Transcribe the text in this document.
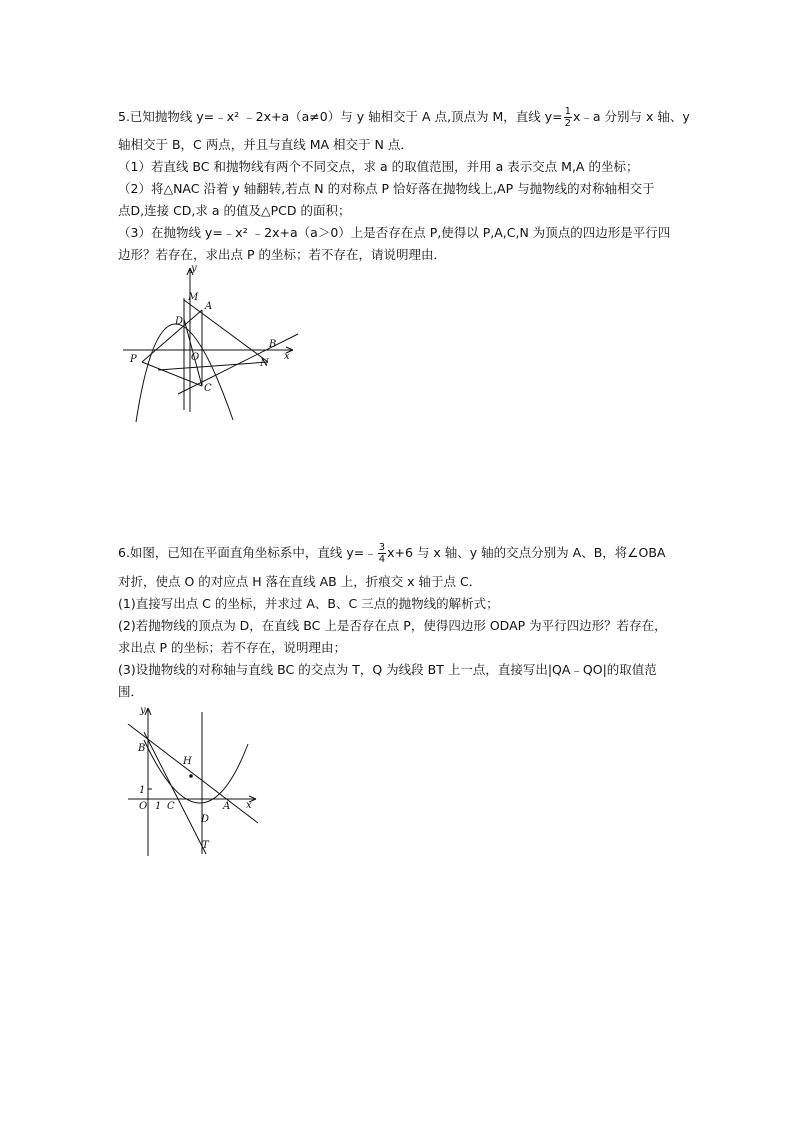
5.已知抛物线 y=﹣x² ﹣2x+a（a≠0）与 y 轴相交于 A 点,顶点为 M，直线 $y= \frac{1}{2}$ x﹣a 分别与 x 轴、y
轴相交于 B，C 两点，并且与直线 MA 相交于 N 点．
（1）若直线 BC 和抛物线有两个不同交点，求 a 的取值范围，并用 a 表示交点 M,A 的坐标；
（2）将△NAC 沿着 y 轴翻转,若点 N 的对称点 P 恰好落在抛物线上,AP 与抛物线的对称轴相交于
点D,连接 CD,求 a 的值及△PCD 的面积；
（3）在抛物线 y=﹣x² ﹣2x+a（a＞0）上是否存在点 P,使得以 P,A,C,N 为顶点的四边形是平行四
边形？若存在，求出点 P 的坐标；若不存在，请说明理由．
y
M
A
D
O
B
x
P	N
C
6.如图，已知在平面直角坐标系中，直线 y=﹣ $\frac{3}{4} x+6$ 与 x 轴、y 轴的交点分别为 A、B，将∠OBA
对折，使点 O 的对应点 H 落在直线 AB 上，折痕交 x 轴于点 C．
(1)直接写出点 C 的坐标，并求过 A、B、C 三点的抛物线的解析式；
(2)若抛物线的顶点为 D，在直线 BC 上是否存在点 P，使得四边形 ODAP 为平行四边形？若存在，
求出点 P 的坐标；若不存在，说明理由；
(3)设抛物线的对称轴与直线 BC 的交点为 T，Q 为线段 BT 上一点，直接写出|QA﹣QO|的取值范
围．
y
B
H
1
O 1 C
D
A x
T
